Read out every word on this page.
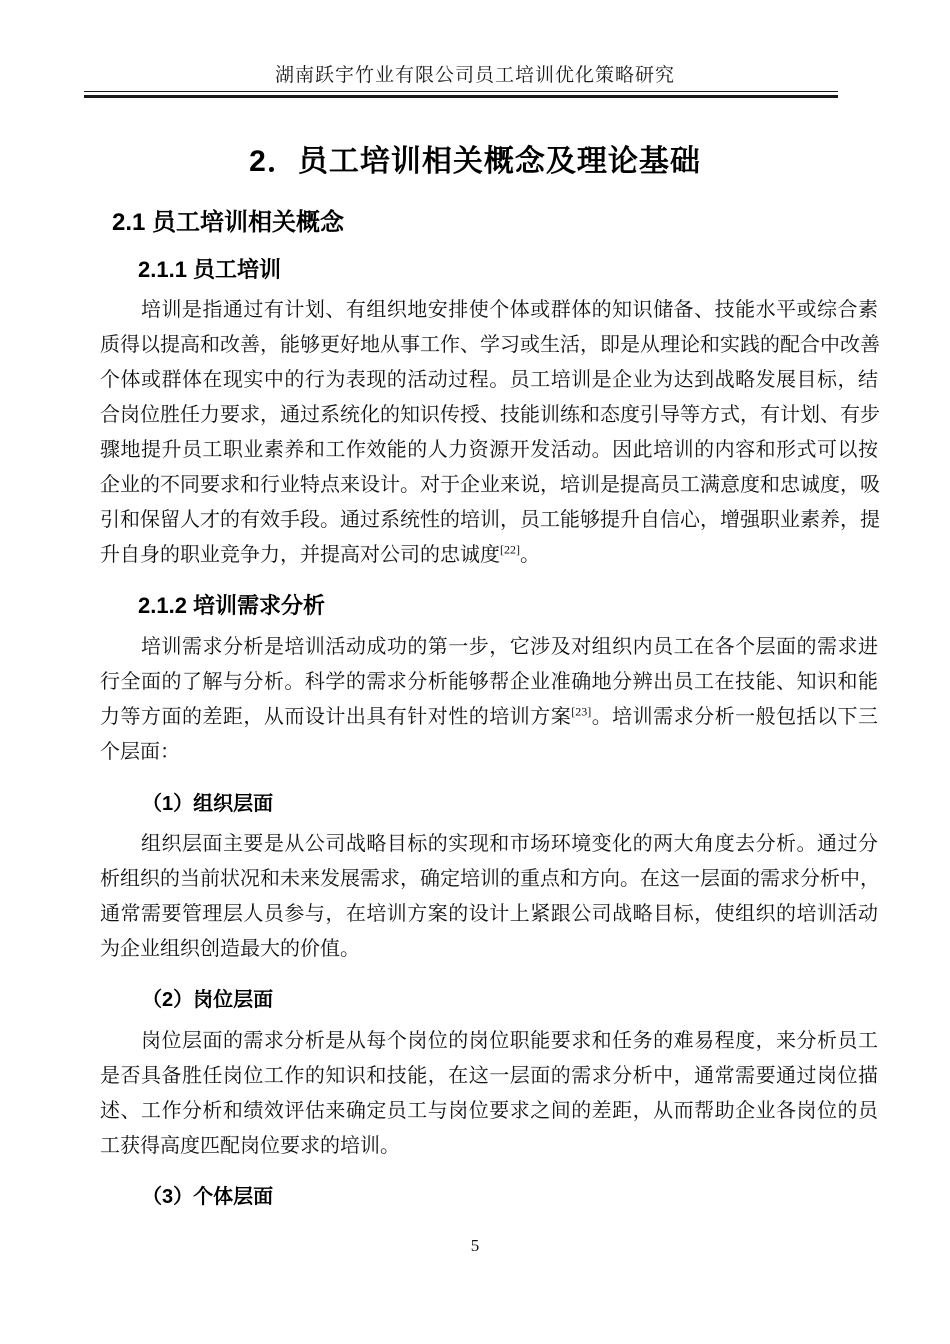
湖南跃宇竹业有限公司员工培训优化策略研究
2．员工培训相关概念及理论基础
2.1 员工培训相关概念
2.1.1 员工培训
培训是指通过有计划、有组织地安排使个体或群体的知识储备、技能水平或综合素
质得以提高和改善，能够更好地从事工作、学习或生活，即是从理论和实践的配合中改善
个体或群体在现实中的行为表现的活动过程。员工培训是企业为达到战略发展目标，结
合岗位胜任力要求，通过系统化的知识传授、技能训练和态度引导等方式，有计划、有步
骤地提升员工职业素养和工作效能的人力资源开发活动。因此培训的内容和形式可以按
企业的不同要求和行业特点来设计。对于企业来说，培训是提高员工满意度和忠诚度，吸
引和保留人才的有效手段。通过系统性的培训，员工能够提升自信心，增强职业素养，提
升自身的职业竞争力，并提高对公司的忠诚度[22]。
2.1.2 培训需求分析
培训需求分析是培训活动成功的第一步，它涉及对组织内员工在各个层面的需求进
行全面的了解与分析。科学的需求分析能够帮企业准确地分辨出员工在技能、知识和能
力等方面的差距，从而设计出具有针对性的培训方案[23]。培训需求分析一般包括以下三
个层面：
（1）组织层面
组织层面主要是从公司战略目标的实现和市场环境变化的两大角度去分析。通过分
析组织的当前状况和未来发展需求，确定培训的重点和方向。在这一层面的需求分析中，
通常需要管理层人员参与，在培训方案的设计上紧跟公司战略目标，使组织的培训活动
为企业组织创造最大的价值。
（2）岗位层面
岗位层面的需求分析是从每个岗位的岗位职能要求和任务的难易程度，来分析员工
是否具备胜任岗位工作的知识和技能，在这一层面的需求分析中，通常需要通过岗位描
述、工作分析和绩效评估来确定员工与岗位要求之间的差距，从而帮助企业各岗位的员
工获得高度匹配岗位要求的培训。
（3）个体层面
5
